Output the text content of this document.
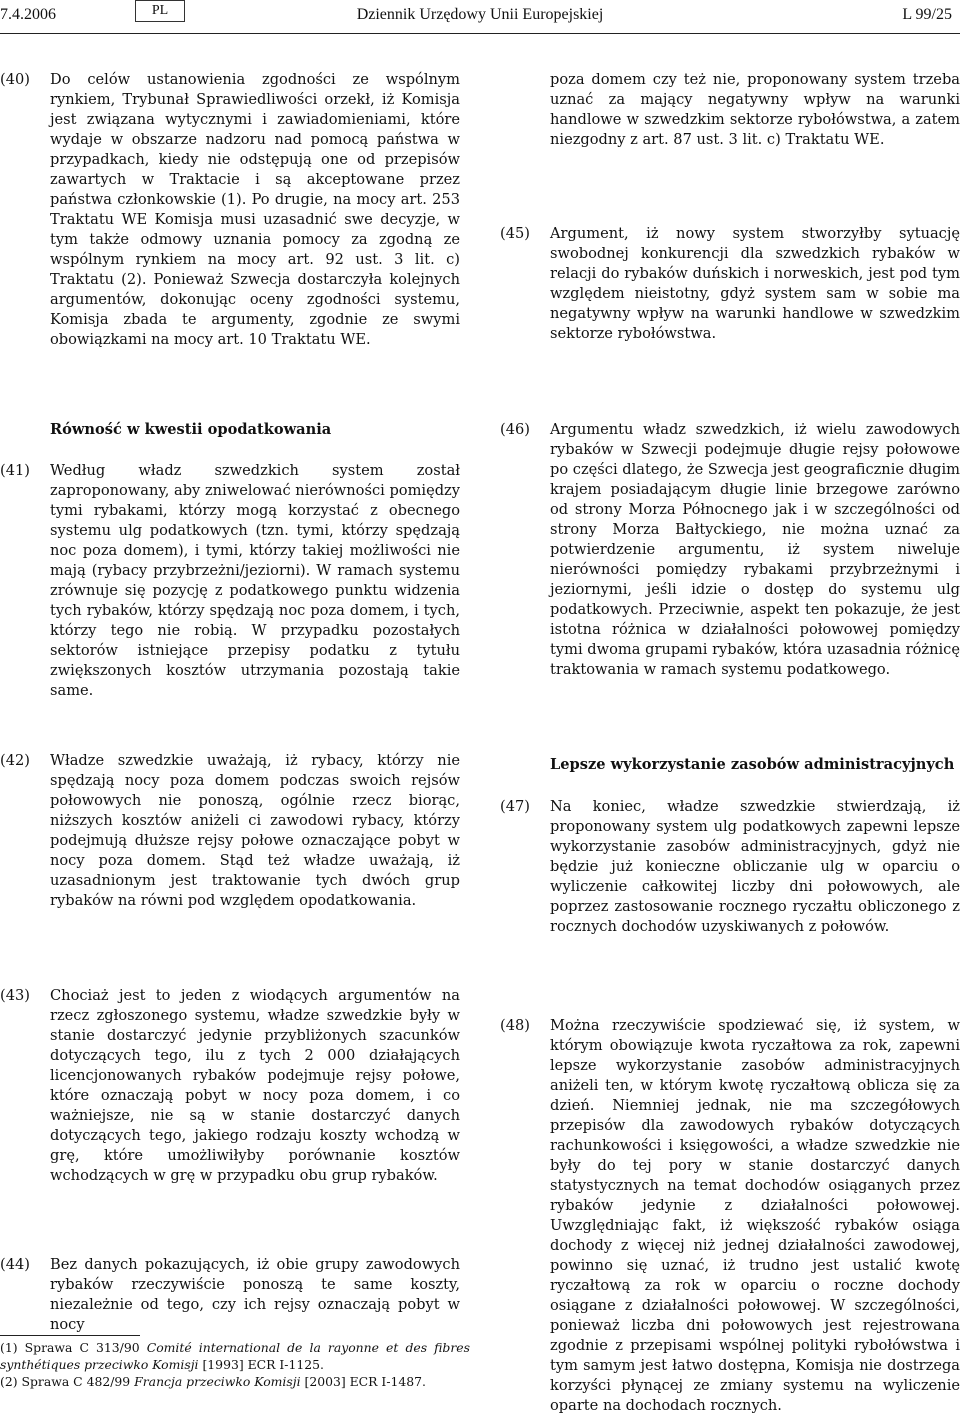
7.4.2006	PL	Dziennik Urzędowy Unii Europejskiej	L 99/25
(40) Do celów ustanowienia zgodności ze wspólnym rynkiem, Trybunał Sprawiedliwości orzekł, iż Komisja jest związana wytycznymi i zawiadomieniami, które wydaje w obszarze nadzoru nad pomocą państwa w przypadkach, kiedy nie odstępują one od przepisów zawartych w Traktacie i są akceptowane przez państwa członkowskie (1). Po drugie, na mocy art. 253 Traktatu WE Komisja musi uzasadnić swe decyzje, w tym także odmowy uznania pomocy za zgodną ze wspólnym rynkiem na mocy art. 92 ust. 3 lit. c) Traktatu (2). Ponieważ Szwecja dostarczyła kolejnych argumentów, dokonując oceny zgodności systemu, Komisja zbada te argumenty, zgodnie ze swymi obowiązkami na mocy art. 10 Traktatu WE.
poza domem czy też nie, proponowany system trzeba uznać za mający negatywny wpływ na warunki handlowe w szwedzkim sektorze rybołówstwa, a zatem niezgodny z art. 87 ust. 3 lit. c) Traktatu WE.
(45) Argument, iż nowy system stworzyłby sytuację swobodnej konkurencji dla szwedzkich rybaków w relacji do rybaków duńskich i norweskich, jest pod tym względem nieistotny, gdyż system sam w sobie ma negatywny wpływ na warunki handlowe w szwedzkim sektorze rybołówstwa.
Równość w kwestii opodatkowania
(41) Według władz szwedzkich system został zaproponowany, aby zniwelować nierówności pomiędzy tymi rybakami, którzy mogą korzystać z obecnego systemu ulg podatkowych (tzn. tymi, którzy spędzają noc poza domem), i tymi, którzy takiej możliwości nie mają (rybacy przybrzeżni/jeziorni). W ramach systemu zrównuje się pozycję z podatkowego punktu widzenia tych rybaków, którzy spędzają noc poza domem, i tych, którzy tego nie robią. W przypadku pozostałych sektorów istniejące przepisy podatku z tytułu zwiększonych kosztów utrzymania pozostają takie same.
(46) Argumentu władz szwedzkich, iż wielu zawodowych rybaków w Szwecji podejmuje długie rejsy połowowe po części dlatego, że Szwecja jest geograficznie długim krajem posiadającym długie linie brzegowe zarówno od strony Morza Północnego jak i w szczególności od strony Morza Bałtyckiego, nie można uznać za potwierdzenie argumentu, iż system niweluje nierówności pomiędzy rybakami przybrzeżnymi i jeziornymi, jeśli idzie o dostęp do systemu ulg podatkowych. Przeciwnie, aspekt ten pokazuje, że jest istotna różnica w działalności połowowej pomiędzy tymi dwoma grupami rybaków, która uzasadnia różnicę traktowania w ramach systemu podatkowego.
(42) Władze szwedzkie uważają, iż rybacy, którzy nie spędzają nocy poza domem podczas swoich rejsów połowowych nie ponoszą, ogólnie rzecz biorąc, niższych kosztów aniżeli ci zawodowi rybacy, którzy podejmują dłuższe rejsy połowe oznaczające pobyt w nocy poza domem. Stąd też władze uważają, iż uzasadnionym jest traktowanie tych dwóch grup rybaków na równi pod względem opodatkowania.
Lepsze wykorzystanie zasobów administracyjnych
(47) Na koniec, władze szwedzkie stwierdzają, iż proponowany system ulg podatkowych zapewni lepsze wykorzystanie zasobów administracyjnych, gdyż nie będzie już konieczne obliczanie ulg w oparciu o wyliczenie całkowitej liczby dni połowowych, ale poprzez zastosowanie rocznego ryczałtu obliczonego z rocznych dochodów uzyskiwanych z połowów.
(43) Chociaż jest to jeden z wiodących argumentów na rzecz zgłoszonego systemu, władze szwedzkie były w stanie dostarczyć jedynie przybliżonych szacunków dotyczących tego, ilu z tych 2 000 działających licencjonowanych rybaków podejmuje rejsy połowe, które oznaczają pobyt w nocy poza domem, i co ważniejsze, nie są w stanie dostarczyć danych dotyczących tego, jakiego rodzaju koszty wchodzą w grę, które umożliwiłyby porównanie kosztów wchodzących w grę w przypadku obu grup rybaków.
(48) Można rzeczywiście spodziewać się, iż system, w którym obowiązuje kwota ryczałtowa za rok, zapewni lepsze wykorzystanie zasobów administracyjnych aniżeli ten, w którym kwotę ryczałtową oblicza się za dzień. Niemniej jednak, nie ma szczegółowych przepisów dla zawodowych rybaków dotyczących rachunkowości i księgowości, a władze szwedzkie nie były do tej pory w stanie dostarczyć danych statystycznych na temat dochodów osiąganych przez rybaków jedynie z działalności połowowej. Uwzględniając fakt, iż większość rybaków osiąga dochody z więcej niż jednej działalności zawodowej, powinno się uznać, iż trudno jest ustalić kwotę ryczałtową za rok w oparciu o roczne dochody osiągane z działalności połowowej. W szczególności, ponieważ liczba dni połowowych jest rejestrowana zgodnie z przepisami wspólnej polityki rybołówstwa i tym samym jest łatwo dostępna, Komisja nie dostrzega korzyści płynącej ze zmiany systemu na wyliczenie oparte na dochodach rocznych.
(44) Bez danych pokazujących, iż obie grupy zawodowych rybaków rzeczywiście ponoszą te same koszty, niezależnie od tego, czy ich rejsy oznaczają pobyt w nocy
(1) Sprawa C 313/90 Comité international de la rayonne et des fibres synthétiques przeciwko Komisji [1993] ECR I-1125.
(2) Sprawa C 482/99 Francja przeciwko Komisji [2003] ECR I-1487.
